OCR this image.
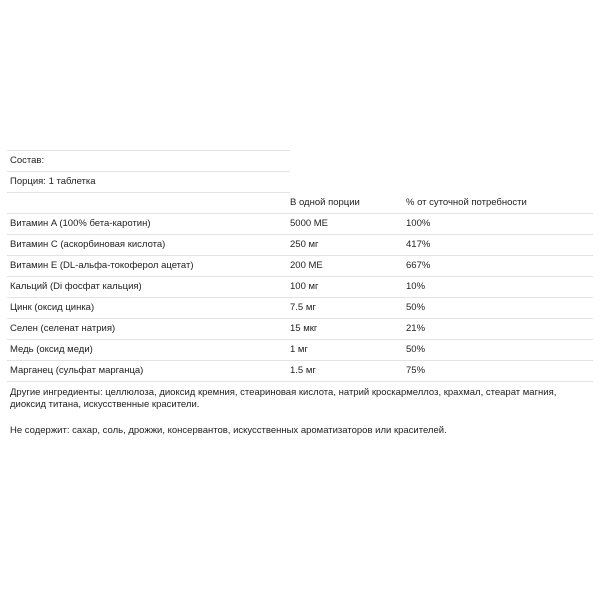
Состав:
Порция: 1 таблетка
	В одной порции	% от суточной потребности
Витамин A (100% бета-каротин)	5000 МЕ	100%
Витамин C (аскорбиновая кислота)	250 мг	417%
Витамин E (DL-альфа-токоферол ацетат)	200 МЕ	667%
Кальций (Di фосфат кальция)	100 мг	10%
Цинк (оксид цинка)	7.5 мг	50%
Селен (селенат натрия)	15 мкг	21%
Медь (оксид меди)	1 мг	50%
Марганец (сульфат марганца)	1.5 мг	75%

Другие ингредиенты: целлюлоза, диоксид кремния, стеариновая кислота, натрий кроскармеллоз, крахмал, стеарат магния, диоксид титана, искусственные красители.

Не содержит: сахар, соль, дрожжи, консервантов, искусственных ароматизаторов или красителей.
